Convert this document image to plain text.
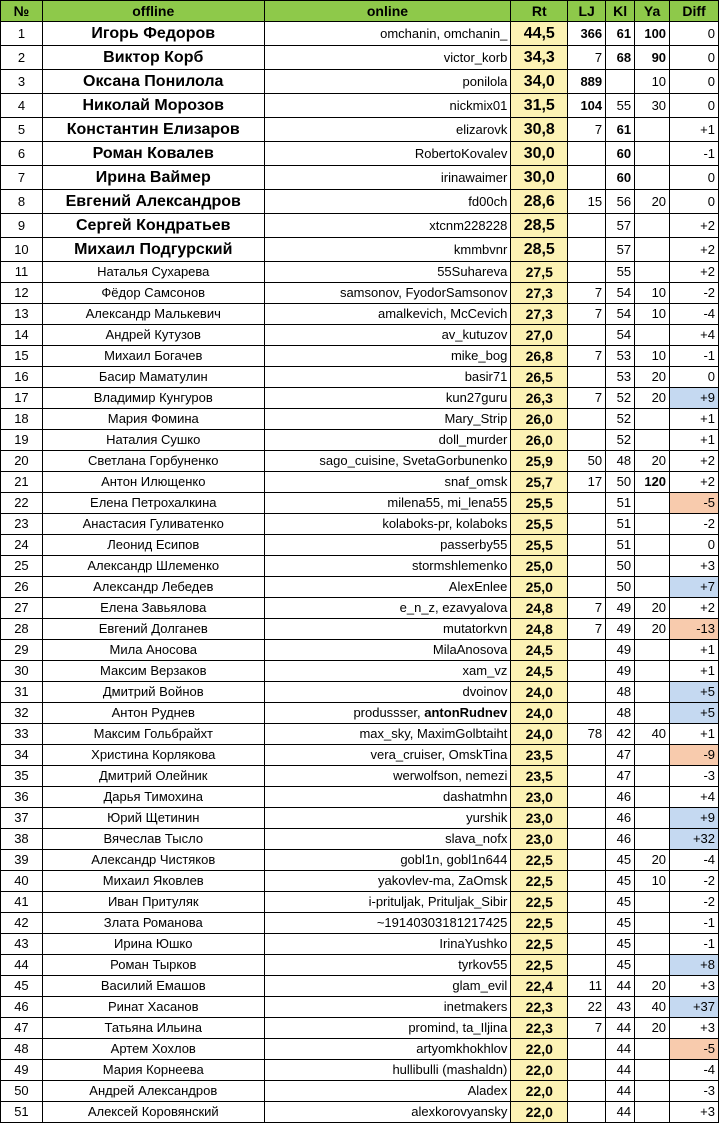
№	offline	online	Rt	LJ	Kl	Ya	Diff
1	Игорь Федоров	omchanin, omchanin_	44,5	366	61	100	0
2	Виктор Корб	victor_korb	34,3	7	68	90	0
3	Оксана Понилола	ponilola	34,0	889		10	0
4	Николай Морозов	nickmix01	31,5	104	55	30	0
5	Константин Елизаров	elizarovk	30,8	7	61		+1
6	Роман Ковалев	RobertoKovalev	30,0		60		-1
7	Ирина Ваймер	irinawaimer	30,0		60		0
8	Евгений Александров	fd00ch	28,6	15	56	20	0
9	Сергей Кондратьев	xtcnm228228	28,5		57		+2
10	Михаил Подгурский	kmmbvnr	28,5		57		+2
11	Наталья Сухарева	55Suhareva	27,5		55		+2
12	Фёдор Самсонов	samsonov, FyodorSamsonov	27,3	7	54	10	-2
13	Александр Малькевич	amalkevich, McCevich	27,3	7	54	10	-4
14	Андрей Кутузов	av_kutuzov	27,0		54		+4
15	Михаил Богачев	mike_bog	26,8	7	53	10	-1
16	Басир Маматулин	basir71	26,5		53	20	0
17	Владимир Кунгуров	kun27guru	26,3	7	52	20	+9
18	Мария Фомина	Mary_Strip	26,0		52		+1
19	Наталия Сушко	doll_murder	26,0		52		+1
20	Светлана Горбуненко	sago_cuisine, SvetaGorbunenko	25,9	50	48	20	+2
21	Антон Илющенко	snaf_omsk	25,7	17	50	120	+2
22	Елена Петрохалкина	milena55, mi_lena55	25,5		51		-5
23	Анастасия Гуливатенко	kolaboks-pr, kolaboks	25,5		51		-2
24	Леонид Есипов	passerby55	25,5		51		0
25	Александр Шлеменко	stormshlemenko	25,0		50		+3
26	Александр Лебедев	AlexEnlee	25,0		50		+7
27	Елена Завьялова	e_n_z, ezavyalova	24,8	7	49	20	+2
28	Евгений Долганев	mutatorkvn	24,8	7	49	20	-13
29	Мила Аносова	MilaAnosova	24,5		49		+1
30	Максим Верзаков	xam_vz	24,5		49		+1
31	Дмитрий Войнов	dvoinov	24,0		48		+5
32	Антон Руднев	produssser, antonRudnev	24,0		48		+5
33	Максим Гольбрайхт	max_sky, MaximGolbtaiht	24,0	78	42	40	+1
34	Христина Корлякова	vera_cruiser, OmskTina	23,5		47		-9
35	Дмитрий Олейник	werwolfson, nemezi	23,5		47		-3
36	Дарья Тимохина	dashatmhn	23,0		46		+4
37	Юрий Щетинин	yurshik	23,0		46		+9
38	Вячеслав Тысло	slava_nofx	23,0		46		+32
39	Александр Чистяков	gobl1n, gobl1n644	22,5		45	20	-4
40	Михаил Яковлев	yakovlev-ma, ZaOmsk	22,5		45	10	-2
41	Иван Притуляк	i-prituljak, Prituljak_Sibir	22,5		45		-2
42	Злата Романова	~19140303181217425	22,5		45		-1
43	Ирина Юшко	IrinaYushko	22,5		45		-1
44	Роман Тырков	tyrkov55	22,5		45		+8
45	Василий Емашов	glam_evil	22,4	11	44	20	+3
46	Ринат Хасанов	inetmakers	22,3	22	43	40	+37
47	Татьяна Ильина	promind, ta_Iljina	22,3	7	44	20	+3
48	Артем Хохлов	artyomkhokhlov	22,0		44		-5
49	Мария Корнеева	hullibulli (mashaldn)	22,0		44		-4
50	Андрей Александров	Aladex	22,0		44		-3
51	Алексей Коровянский	alexkorovyansky	22,0		44		+3
